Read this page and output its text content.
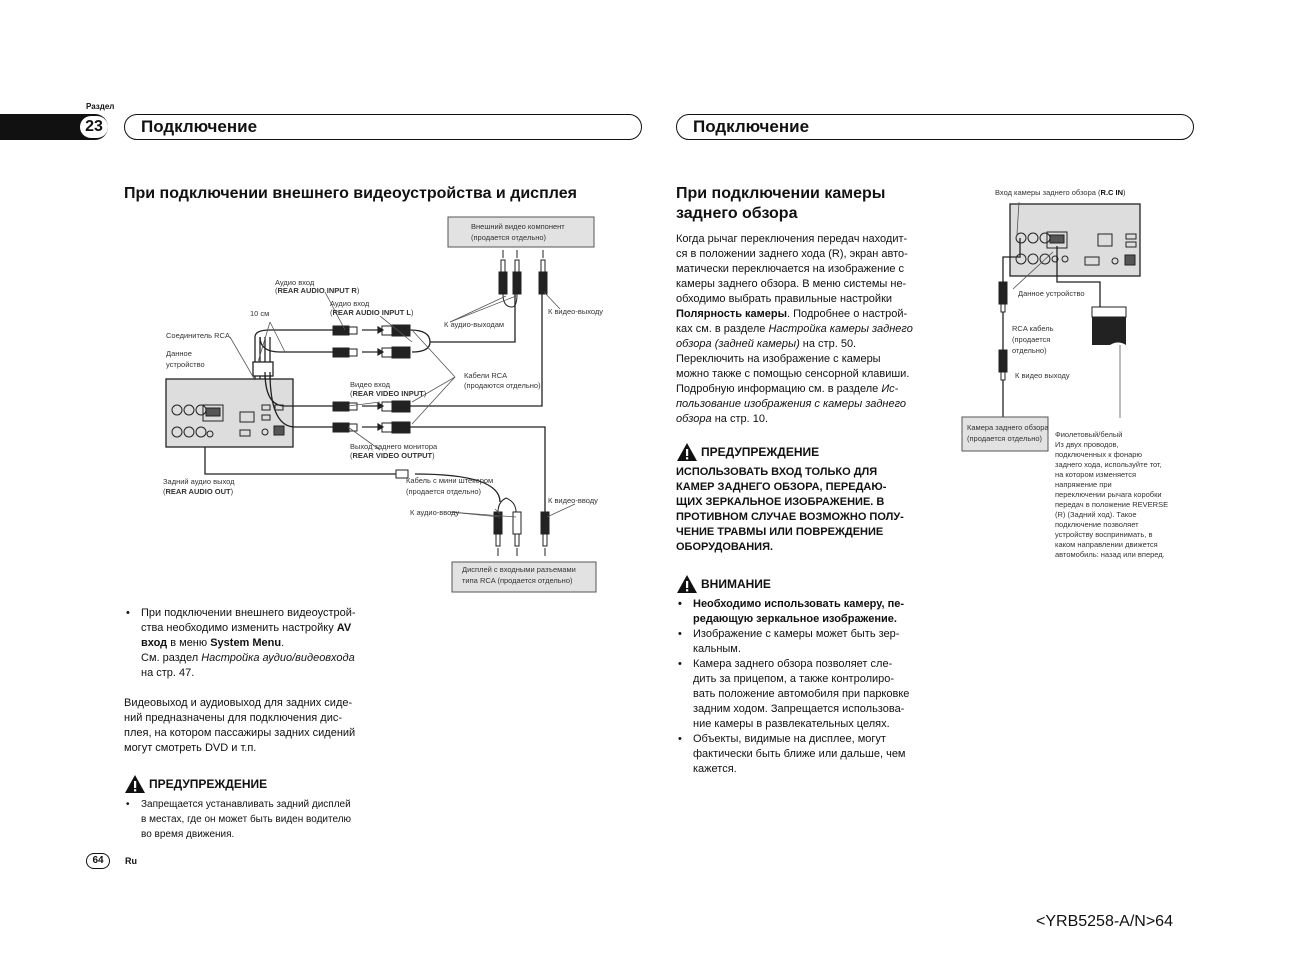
Раздел
23	Подключение	Подключение
При подключении внешнего видеоустройства и дисплея
Внешний видео компонент
(продается отдельно)
Аудио вход
(REAR AUDIO INPUT R)
Аудио вход
(REAR AUDIO INPUT L)
10 см
Соединитель RCA
Данное
устройство
К аудио-выходам
К видео-выходу
Кабели RCA
(продаются отдельно)
Видео вход
(REAR VIDEO INPUT)
Выход заднего монитора
(REAR VIDEO OUTPUT)
Задний аудио выход
(REAR AUDIO OUT)
Кабель с мини штекером
(продается отдельно)
К видео-вводу
К аудио-вводу
Дисплей с входными разъемами
типа RCA (продается отдельно)
• При подключении внешнего видеоустрой-
ства необходимо изменить настройку AV
вход в меню System Menu.
См. раздел Настройка аудио/видеовхода
на стр. 47.
Видеовыход и аудиовыход для задних сиде-
ний предназначены для подключения дис-
плея, на котором пассажиры задних сидений
могут смотреть DVD и т.п.
ПРЕДУПРЕЖДЕНИЕ
• Запрещается устанавливать задний дисплей
в местах, где он может быть виден водителю
во время движения.
При подключении камеры
заднего обзора
Когда рычаг переключения передач находит-
ся в положении заднего хода (R), экран авто-
матически переключается на изображение с
камеры заднего обзора. В меню системы не-
обходимо выбрать правильные настройки
Полярность камеры. Подробнее о настрой-
ках см. в разделе Настройка камеры заднего
обзора (задней камеры) на стр. 50.
Переключить на изображение с камеры
можно также с помощью сенсорной клавиши.
Подробную информацию см. в разделе Ис-
пользование изображения с камеры заднего
обзора на стр. 10.
ПРЕДУПРЕЖДЕНИЕ
ИСПОЛЬЗОВАТЬ ВХОД ТОЛЬКО ДЛЯ
КАМЕР ЗАДНЕГО ОБЗОРА, ПЕРЕДАЮ-
ЩИХ ЗЕРКАЛЬНОЕ ИЗОБРАЖЕНИЕ. В
ПРОТИВНОМ СЛУЧАЕ ВОЗМОЖНО ПОЛУ-
ЧЕНИЕ ТРАВМЫ ИЛИ ПОВРЕЖДЕНИЕ
ОБОРУДОВАНИЯ.
ВНИМАНИЕ
• Необходимо использовать камеру, пе-
редающую зеркальное изображение.
• Изображение с камеры может быть зер-
кальным.
• Камера заднего обзора позволяет сле-
дить за прицепом, а также контролиро-
вать положение автомобиля при парковке
задним ходом. Запрещается использова-
ние камеры в развлекательных целях.
• Объекты, видимые на дисплее, могут
фактически быть ближе или дальше, чем
кажется.
Вход камеры заднего обзора (R.C IN)
Данное устройство
RCA кабель
(продается
отдельно)
К видео выходу
Камера заднего обзора
(продается отдельно) Фиолетовый/белый
Из двух проводов,
подключенных к фонарю
заднего хода, используйте тот,
на котором изменяется
напряжение при
переключении рычага коробки
передач в положение REVERSE
(R) (Задний ход). Такое
подключение позволяет
устройству воспринимать, в
каком направлении движется
автомобиль: назад или вперед.
64	Ru
<YRB5258-A/N>64
